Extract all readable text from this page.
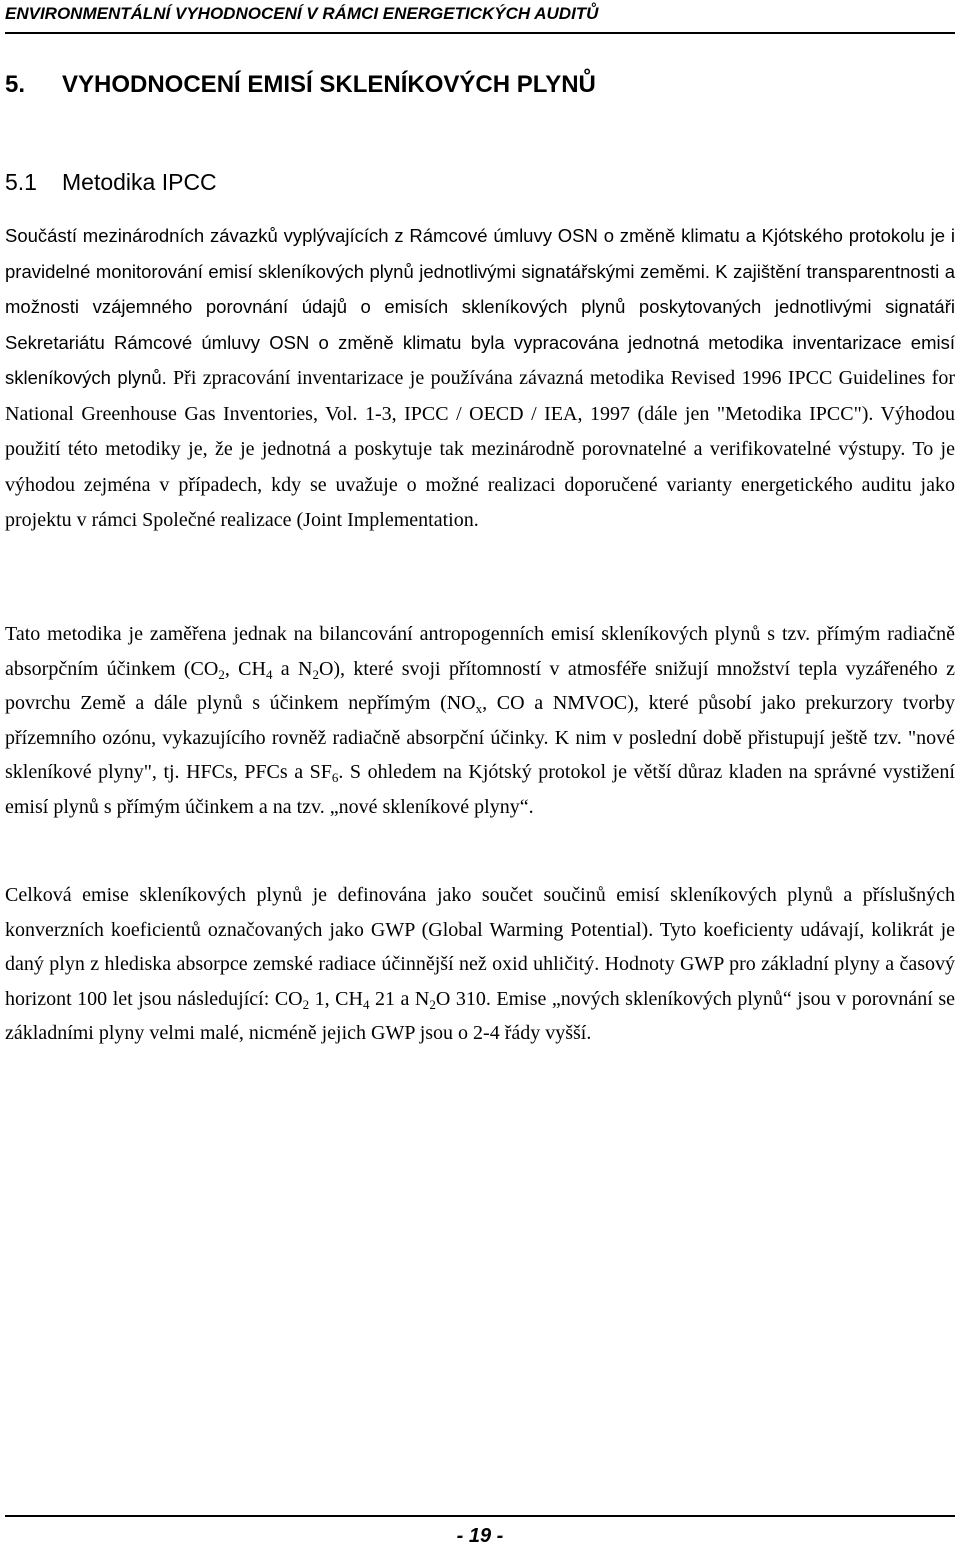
ENVIRONMENTÁLNÍ VYHODNOCENÍ V RÁMCI ENERGETICKÝCH AUDITŮ
5. VYHODNOCENÍ EMISÍ SKLENÍKOVÝCH PLYNŮ
5.1 Metodika IPCC

Součástí mezinárodních závazků vyplývajících z Rámcové úmluvy OSN o změně klimatu a Kjótského protokolu je i pravidelné monitorování emisí skleníkových plynů jednotlivými signatářskými zeměmi. K zajištění transparentnosti a možnosti vzájemného porovnání údajů o emisích skleníkových plynů poskytovaných jednotlivými signatáři Sekretariátu Rámcové úmluvy OSN o změně klimatu byla vypracována jednotná metodika inventarizace emisí skleníkových plynů. Při zpracování inventarizace je používána závazná metodika Revised 1996 IPCC Guidelines for National Greenhouse Gas Inventories, Vol. 1-3, IPCC / OECD / IEA, 1997 (dále jen "Metodika IPCC"). Výhodou použití této metodiky je, že je jednotná a poskytuje tak mezinárodně porovnatelné a verifikovatelné výstupy. To je výhodou zejména v případech, kdy se uvažuje o možné realizaci doporučené varianty energetického auditu jako projektu v rámci Společné realizace (Joint Implementation.

Tato metodika je zaměřena jednak na bilancování antropogenních emisí skleníkových plynů s tzv. přímým radiačně absorpčním účinkem ($CO_2$, $CH_4$ a $N_2O$), které svoji přítomností v atmosféře snižují množství tepla vyzářeného z povrchu Země a dále plynů s účinkem nepřímým ($NO_x$, CO a NMVOC), které působí jako prekurzory tvorby přízemního ozónu, vykazujícího rovněž radiačně absorpční účinky. K nim v poslední době přistupují ještě tzv. "nové skleníkové plyny", tj. HFCs, PFCs a $SF_6$. S ohledem na Kjótský protokol je větší důraz kladen na správné vystižení emisí plynů s přímým účinkem a na tzv. „nové skleníkové plyny“.

Celková emise skleníkových plynů je definována jako součet součinů emisí skleníkových plynů a příslušných konverzních koeficientů označovaných jako GWP (Global Warming Potential). Tyto koeficienty udávají, kolikrát je daný plyn z hlediska absorpce zemské radiace účinnější než oxid uhličitý. Hodnoty GWP pro základní plyny a časový horizont 100 let jsou následující: $CO_2$ 1, $CH_4$ 21 a $N_2O$ 310. Emise „nových skleníkových plynů“ jsou v porovnání se základními plyny velmi malé, nicméně jejich GWP jsou o 2-4 řády vyšší.

- 19 -
